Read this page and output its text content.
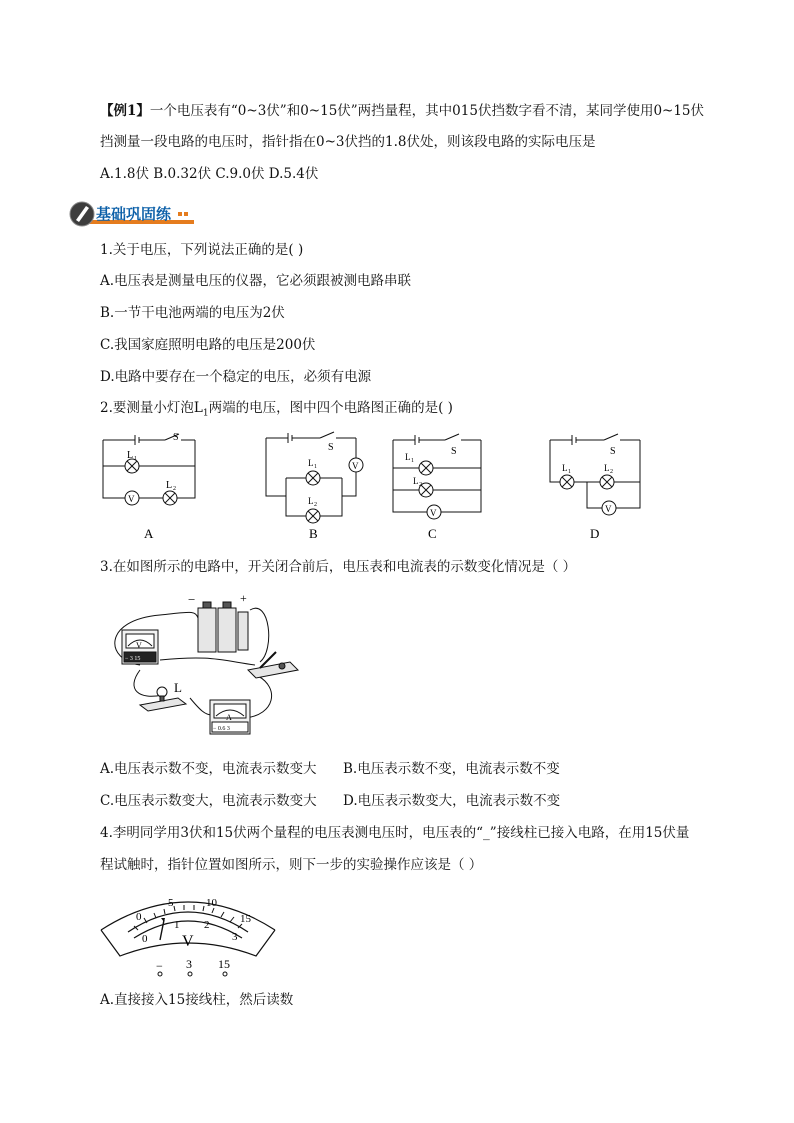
【例1】一个电压表有“0~3伏”和0~15伏”两挡量程，其中015伏挡数字看不清，某同学使用0~15伏
挡测量一段电路的电压时，指针指在0~3伏挡的1.8伏处，则该段电路的实际电压是
A.1.8伏 B.0.32伏 C.9.0伏 D.5.4伏
基础巩固练
1.关于电压，下列说法正确的是( )
A.电压表是测量电压的仪器，它必须跟被测电路串联
B.一节干电池两端的电压为2伏
C.我国家庭照明电路的电压是200伏
D.电路中要存在一个稳定的电压，必须有电源
2.要测量小灯泡$L_1$两端的电压，图中四个电路图正确的是( )
S
L 1
L 2
V
A
S
L 1
L 2
V
B
S
L 1
L 2
V
C
S
L 1	L 2
V
D
3.在如图所示的电路中，开关闭合前后，电压表和电流表的示数变化情况是（ ）
−	+
V
− 3 15
L
A
− 0.6 3
A.电压表示数不变，电流表示数变大 B.电压表示数不变，电流表示数不变
C.电压表示数变大，电流表示数变大 D.电压表示数变大，电流表示数不变
4.李明同学用3伏和15伏两个量程的电压表测电压时，电压表的“_”接线柱已接入电路，在用15伏量
程试触时，指针位置如图所示，则下一步的实验操作应该是（ ）
0
5	10
15
0
1 2
3
V
− 3 15
A.直接接入15接线柱，然后读数
